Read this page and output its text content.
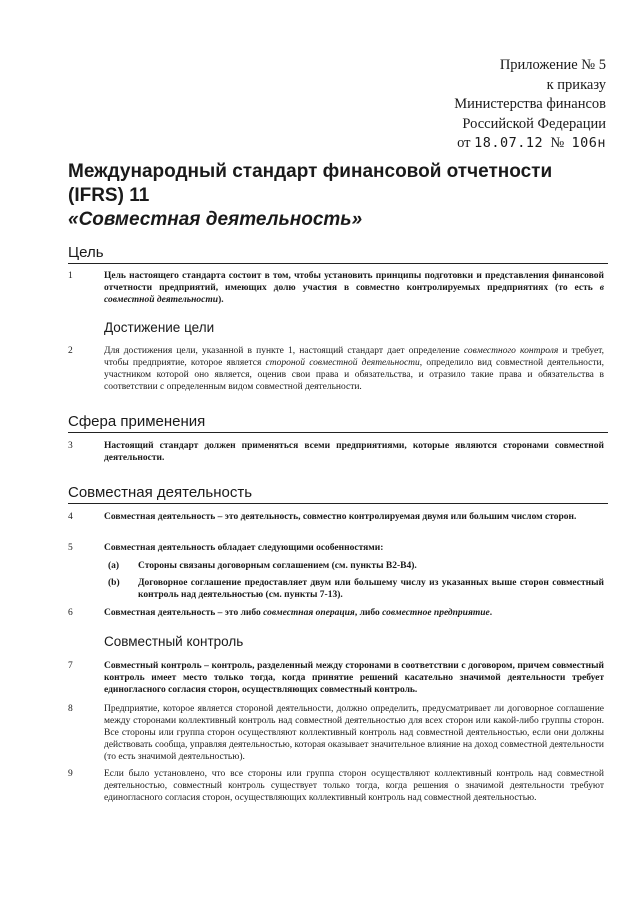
Приложение № 5
к приказу
Министерства финансов
Российской Федерации
от 18.07.12 № 106н
Международный стандарт финансовой отчетности
(IFRS) 11
«Совместная деятельность»
Цель
1	Цель настоящего стандарта состоит в том, чтобы установить принципы подготовки и представления финансовой отчетности предприятий, имеющих долю участия в совместно контролируемых предприятиях (то есть в совместной деятельности).
Достижение цели
2	Для достижения цели, указанной в пункте 1, настоящий стандарт дает определение совместного контроля и требует, чтобы предприятие, которое является стороной совместной деятельности, определило вид совместной деятельности, участником которой оно является, оценив свои права и обязательства, и отразило такие права и обязательства в соответствии с определенным видом совместной деятельности.
Сфера применения
3	Настоящий стандарт должен применяться всеми предприятиями, которые являются сторонами совместной деятельности.
Совместная деятельность
4	Совместная деятельность – это деятельность, совместно контролируемая двумя или большим числом сторон.
5	Совместная деятельность обладает следующими особенностями:
(a) Стороны связаны договорным соглашением (см. пункты В2-В4).
(b) Договорное соглашение предоставляет двум или большему числу из указанных выше сторон совместный контроль над деятельностью (см. пункты 7-13).
6	Совместная деятельность – это либо совместная операция, либо совместное предприятие.
Совместный контроль
7	Совместный контроль – контроль, разделенный между сторонами в соответствии с договором, причем совместный контроль имеет место только тогда, когда принятие решений касательно значимой деятельности требует единогласного согласия сторон, осуществляющих совместный контроль.
8	Предприятие, которое является стороной деятельности, должно определить, предусматривает ли договорное соглашение между сторонами коллективный контроль над совместной деятельностью для всех сторон или какой-либо группы сторон. Все стороны или группа сторон осуществляют коллективный контроль над совместной деятельностью, если они должны действовать сообща, управляя деятельностью, которая оказывает значительное влияние на доход совместной деятельности (то есть значимой деятельностью).
9	Если было установлено, что все стороны или группа сторон осуществляют коллективный контроль над совместной деятельностью, совместный контроль существует только тогда, когда решения о значимой деятельности требуют единогласного согласия сторон, осуществляющих коллективный контроль над совместной деятельностью.
